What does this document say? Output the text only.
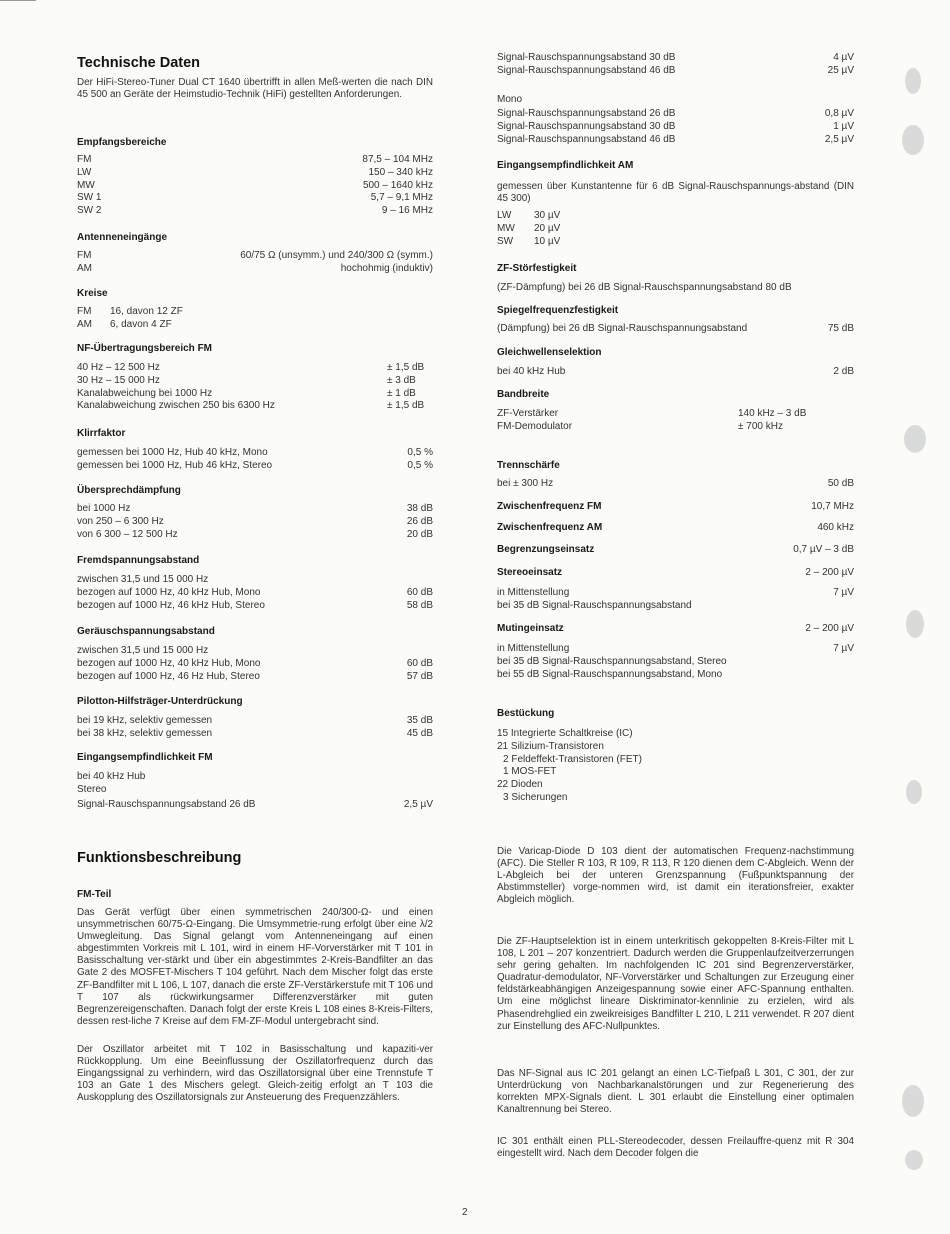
Technische Daten
Der HiFi-Stereo-Tuner Dual CT 1640 übertrifft in allen Meß-werten die nach DIN 45 500 an Geräte der Heimstudio-Technik (HiFi) gestellten Anforderungen.
Empfangsbereiche
FM	87,5 – 104 MHz
LW	150 – 340 kHz
MW	500 – 1640 kHz
SW 1	5,7 – 9,1 MHz
SW 2	9 – 16 MHz
Antenneneingänge
FM	60/75 Ω (unsymm.) und 240/300 Ω (symm.)
AM	hochohmig (induktiv)
Kreise
FM 16, davon 12 ZF
AM 6, davon 4 ZF
NF-Übertragungsbereich FM
40 Hz – 12 500 Hz	± 1,5 dB
30 Hz – 15 000 Hz	± 3 dB
Kanalabweichung bei 1000 Hz	± 1 dB
Kanalabweichung zwischen 250 bis 6300 Hz	± 1,5 dB
Klirrfaktor
gemessen bei 1000 Hz, Hub 40 kHz, Mono	0,5 %
gemessen bei 1000 Hz, Hub 46 kHz, Stereo	0,5 %
Übersprechdämpfung
bei 1000 Hz	38 dB
von 250 – 6 300 Hz	26 dB
von 6 300 – 12 500 Hz	20 dB
Fremdspannungsabstand
zwischen 31,5 und 15 000 Hz
bezogen auf 1000 Hz, 40 kHz Hub, Mono	60 dB
bezogen auf 1000 Hz, 46 kHz Hub, Stereo	58 dB
Geräuschspannungsabstand
zwischen 31,5 und 15 000 Hz
bezogen auf 1000 Hz, 40 kHz Hub, Mono	60 dB
bezogen auf 1000 Hz, 46 Hz Hub, Stereo	57 dB
Pilotton-Hilfsträger-Unterdrückung
bei 19 kHz, selektiv gemessen	35 dB
bei 38 kHz, selektiv gemessen	45 dB
Eingangsempfindlichkeit FM
bei 40 kHz Hub
Stereo
Signal-Rauschspannungsabstand 26 dB	2,5 µV
Funktionsbeschreibung
FM-Teil
Das Gerät verfügt über einen symmetrischen 240/300-Ω- und einen unsymmetrischen 60/75-Ω-Eingang. Die Umsymmetrie-rung erfolgt über eine λ/2 Umwegleitung. Das Signal gelangt vom Antenneneingang auf einen abgestimmten Vorkreis mit L 101, wird in einem HF-Vorverstärker mit T 101 in Basisschaltung ver-stärkt und über ein abgestimmtes 2-Kreis-Bandfilter an das Gate 2 des MOSFET-Mischers T 104 geführt. Nach dem Mischer folgt das erste ZF-Bandfilter mit L 106, L 107, danach die erste ZF-Verstärkerstufe mit T 106 und T 107 als rückwirkungsarmer Differenzverstärker mit guten Begrenzereigenschaften. Danach folgt der erste Kreis L 108 eines 8-Kreis-Filters, dessen rest-liche 7 Kreise auf dem FM-ZF-Modul untergebracht sind.
Der Oszillator arbeitet mit T 102 in Basisschaltung und kapaziti-ver Rückkopplung. Um eine Beeinflussung der Oszillatorfrequenz durch das Eingangssignal zu verhindern, wird das Oszillatorsignal über eine Trennstufe T 103 an Gate 1 des Mischers gelegt. Gleich-zeitig erfolgt an T 103 die Auskopplung des Oszillatorsignals zur Ansteuerung des Frequenzzählers.
Signal-Rauschspannungsabstand 30 dB	4 µV
Signal-Rauschspannungsabstand 46 dB	25 µV
Mono
Signal-Rauschspannungsabstand 26 dB	0,8 µV
Signal-Rauschspannungsabstand 30 dB	1 µV
Signal-Rauschspannungsabstand 46 dB	2,5 µV
Eingangsempfindlichkeit AM
gemessen über Kunstantenne für 6 dB Signal-Rauschspannungs-abstand (DIN 45 300)
LW 30 µV
MW 20 µV
SW 10 µV
ZF-Störfestigkeit
(ZF-Dämpfung) bei 26 dB Signal-Rauschspannungsabstand 80 dB
Spiegelfrequenzfestigkeit
(Dämpfung) bei 26 dB Signal-Rauschspannungsabstand	75 dB
Gleichwellenselektion
bei 40 kHz Hub	2 dB
Bandbreite
ZF-Verstärker	140 kHz – 3 dB
FM-Demodulator	± 700 kHz
Trennschärfe
bei ± 300 Hz	50 dB
Zwischenfrequenz FM	10,7 MHz
Zwischenfrequenz AM	460 kHz
Begrenzungseinsatz	0,7 µV – 3 dB
Stereoeinsatz	2 – 200 µV
in Mittenstellung	7 µV
bei 35 dB Signal-Rauschspannungsabstand
Mutingeinsatz	2 – 200 µV
in Mittenstellung	7 µV
bei 35 dB Signal-Rauschspannungsabstand, Stereo
bei 55 dB Signal-Rauschspannungsabstand, Mono
Bestückung
15 Integrierte Schaltkreise (IC)
21 Silizium-Transistoren
2 Feldeffekt-Transistoren (FET)
1 MOS-FET
22 Dioden
3 Sicherungen
Die Varicap-Diode D 103 dient der automatischen Frequenz-nachstimmung (AFC). Die Steller R 103, R 109, R 113, R 120 dienen dem C-Abgleich. Wenn der L-Abgleich bei der unteren Grenzspannung (Fußpunktspannung der Abstimmsteller) vorge-nommen wird, ist damit ein iterationsfreier, exakter Abgleich möglich.
Die ZF-Hauptselektion ist in einem unterkritisch gekoppelten 8-Kreis-Filter mit L 108, L 201 – 207 konzentriert. Dadurch werden die Gruppenlaufzeitverzerrungen sehr gering gehalten. Im nachfolgenden IC 201 sind Begrenzerverstärker, Quadratur-demodulator, NF-Vorverstärker und Schaltungen zur Erzeugung einer feldstärkeabhängigen Anzeigespannung sowie einer AFC-Spannung enthalten. Um eine möglichst lineare Diskriminator-kennlinie zu erzielen, wird als Phasendrehglied ein zweikreisiges Bandfilter L 210, L 211 verwendet. R 207 dient zur Einstellung des AFC-Nullpunktes.
Das NF-Signal aus IC 201 gelangt an einen LC-Tiefpaß L 301, C 301, der zur Unterdrückung von Nachbarkanalstörungen und zur Regenerierung des korrekten MPX-Signals dient. L 301 erlaubt die Einstellung einer optimalen Kanaltrennung bei Stereo.
IC 301 enthält einen PLL-Stereodecoder, dessen Freilauffre-quenz mit R 304 eingestellt wird. Nach dem Decoder folgen die
2
